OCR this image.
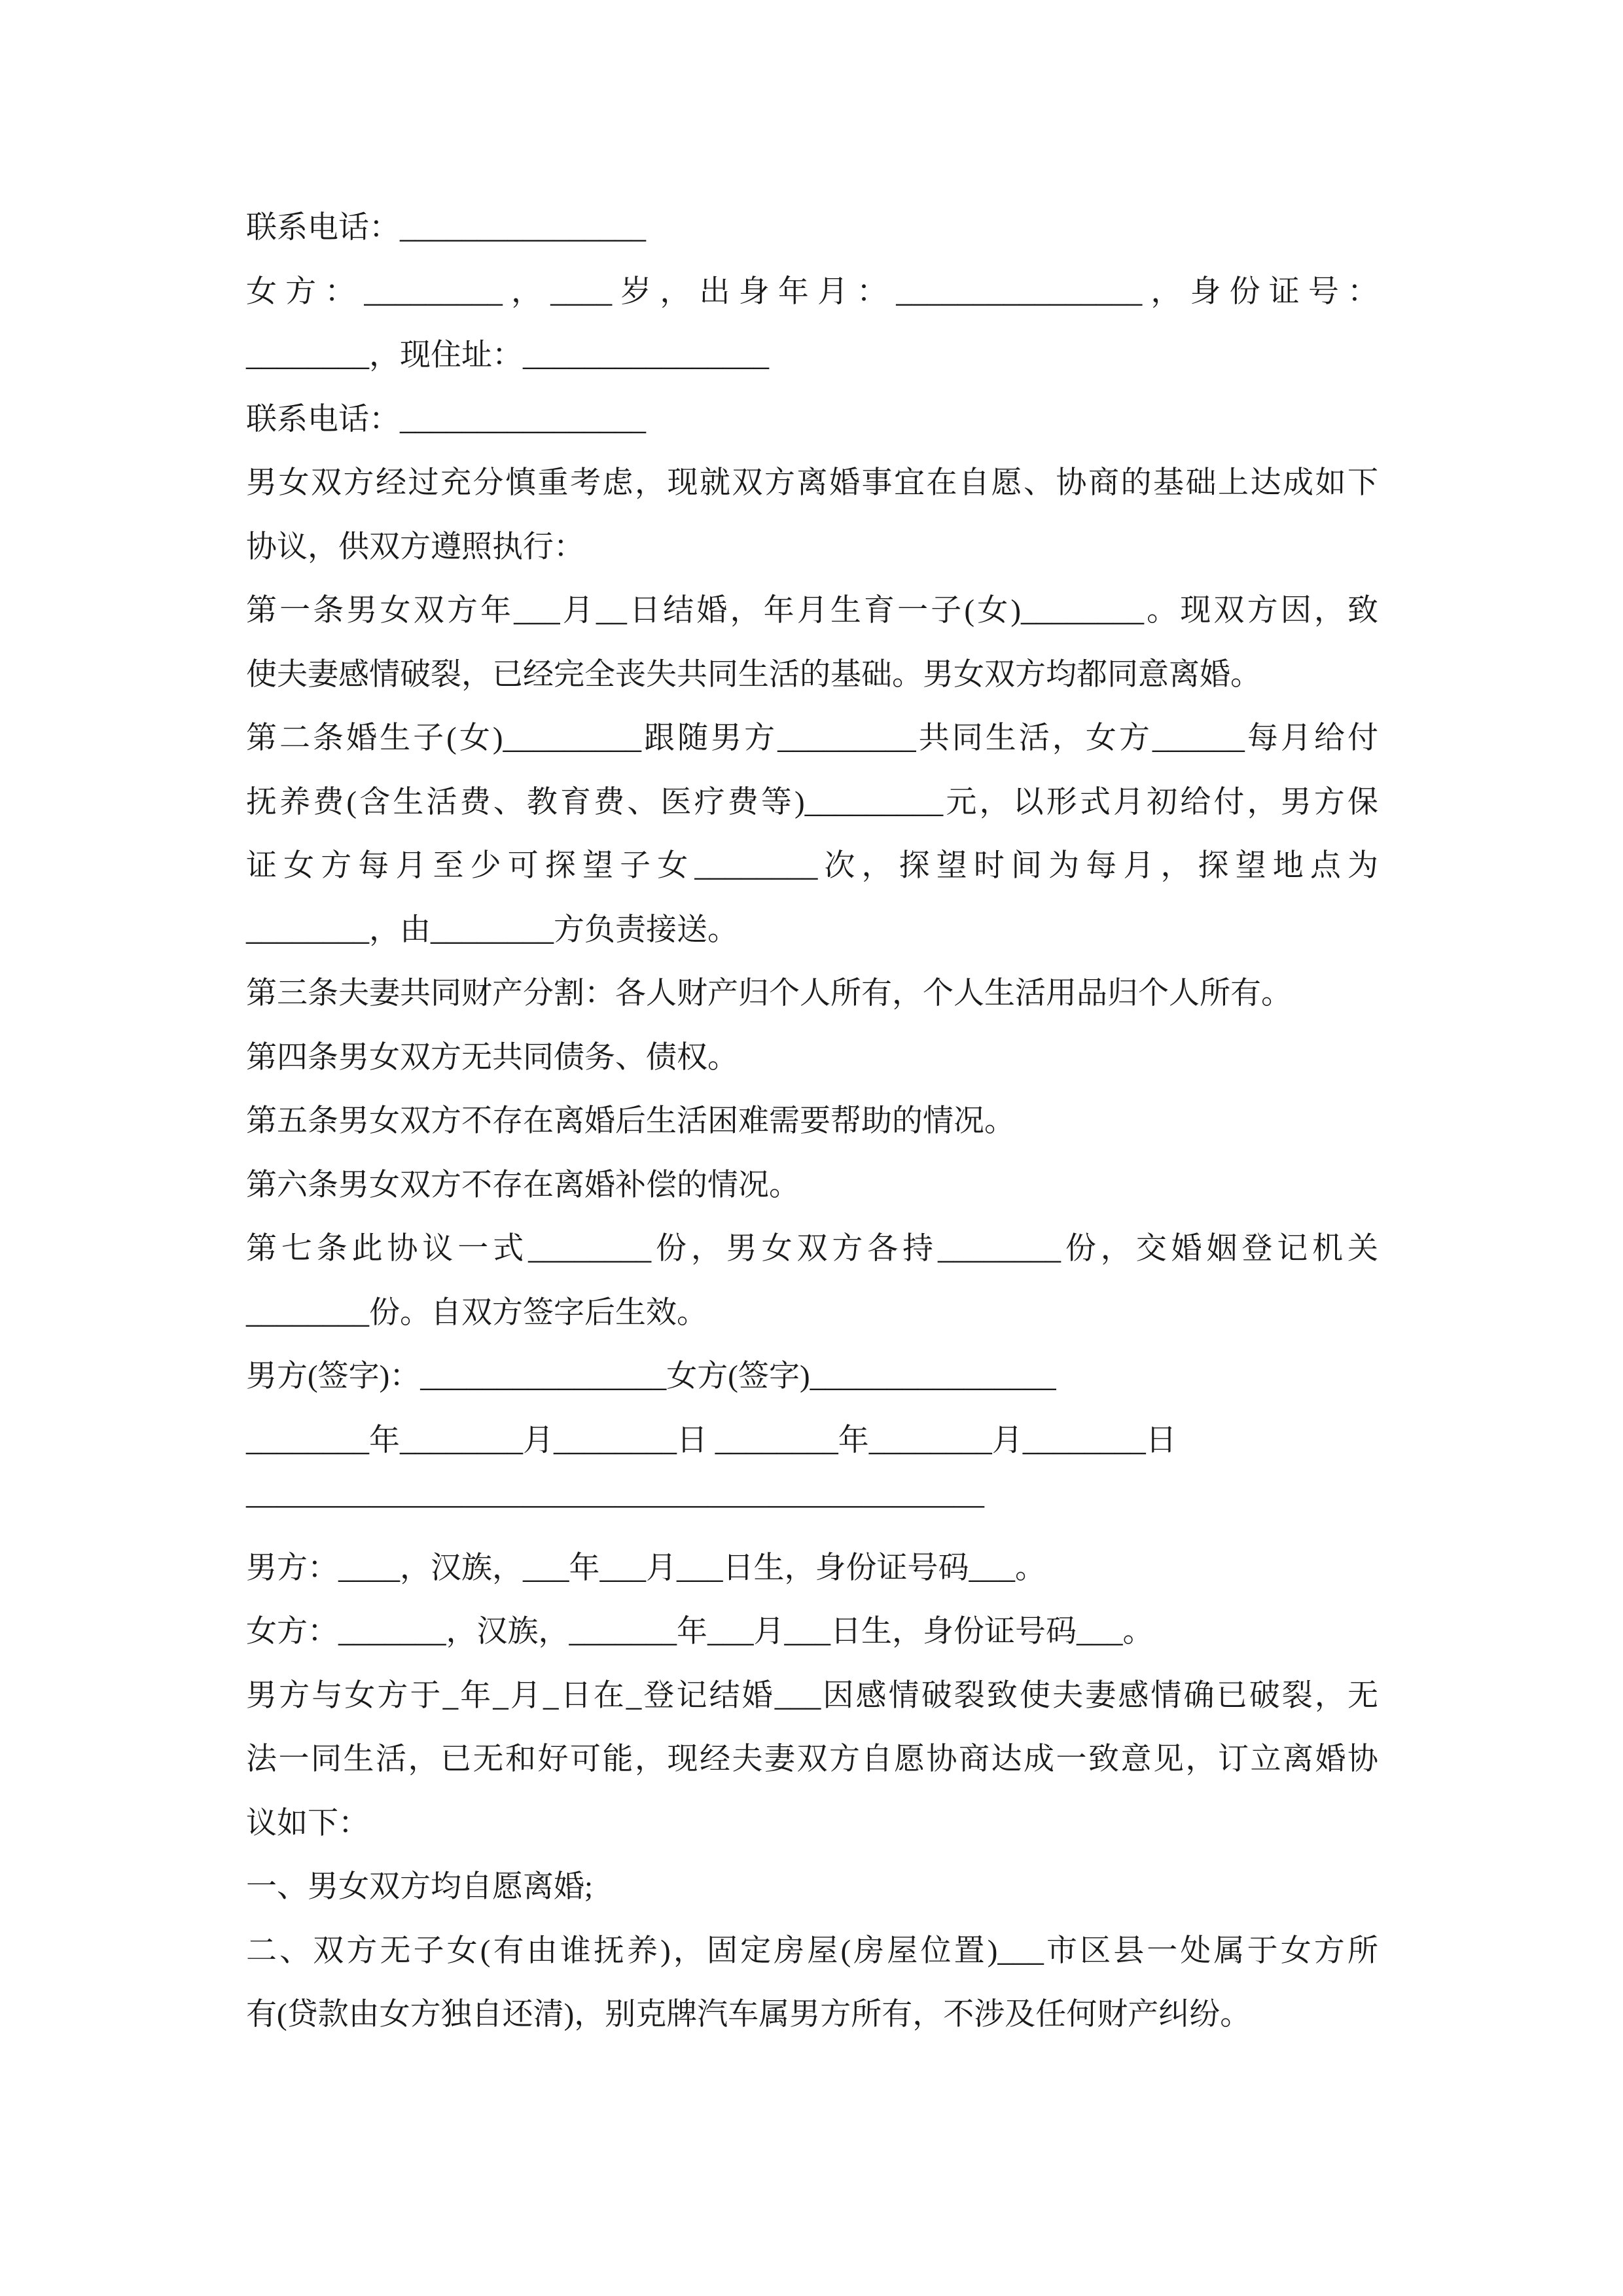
联系电话：________________
女方：_________，____岁，出身年月：________________，身份证号：
________，现住址：________________
联系电话：________________
男女双方经过充分慎重考虑，现就双方离婚事宜在自愿、协商的基础上达成如下
协议，供双方遵照执行：
第一条男女双方年___月__日结婚，年月生育一子(女)________。现双方因，致
使夫妻感情破裂，已经完全丧失共同生活的基础。男女双方均都同意离婚。
第二条婚生子(女)_________跟随男方_________共同生活，女方______每月给付
抚养费(含生活费、教育费、医疗费等)_________元，以形式月初给付，男方保
证女方每月至少可探望子女________次，探望时间为每月，探望地点为
________，由________方负责接送。
第三条夫妻共同财产分割：各人财产归个人所有，个人生活用品归个人所有。
第四条男女双方无共同债务、债权。
第五条男女双方不存在离婚后生活困难需要帮助的情况。
第六条男女双方不存在离婚补偿的情况。
第七条此协议一式________份，男女双方各持________份，交婚姻登记机关
________份。自双方签字后生效。
男方(签字)：________________女方(签字)________________
________年________月________日 ________年________月________日
————————————————————————
男方：____，汉族，___年___月___日生，身份证号码___。
女方：_______，汉族，_______年___月___日生，身份证号码___。
男方与女方于_年_月_日在_登记结婚___因感情破裂致使夫妻感情确已破裂，无
法一同生活，已无和好可能，现经夫妻双方自愿协商达成一致意见，订立离婚协
议如下：
一、男女双方均自愿离婚;
二、双方无子女(有由谁抚养)，固定房屋(房屋位置)___市区县一处属于女方所
有(贷款由女方独自还清)，别克牌汽车属男方所有，不涉及任何财产纠纷。
